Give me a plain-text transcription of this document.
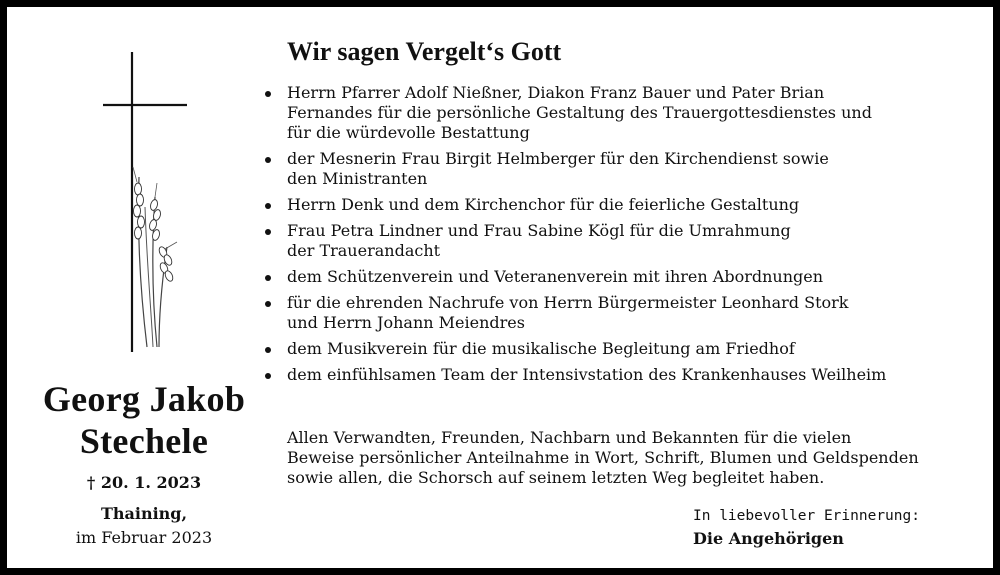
Georg Jakob
Stechele
† 20. 1. 2023
Thaining,
im Februar 2023
Wir sagen Vergelt‘s Gott
Herrn Pfarrer Adolf Nießner, Diakon Franz Bauer und Pater Brian
Fernandes für die persönliche Gestaltung des Trauergottesdienstes und
für die würdevolle Bestattung
der Mesnerin Frau Birgit Helmberger für den Kirchendienst sowie
den Ministranten
Herrn Denk und dem Kirchenchor für die feierliche Gestaltung
Frau Petra Lindner und Frau Sabine Kögl für die Umrahmung
der Trauerandacht
dem Schützenverein und Veteranenverein mit ihren Abordnungen
für die ehrenden Nachrufe von Herrn Bürgermeister Leonhard Stork
und Herrn Johann Meiendres
dem Musikverein für die musikalische Begleitung am Friedhof
dem einfühlsamen Team der Intensivstation des Krankenhauses Weilheim

Allen Verwandten, Freunden, Nachbarn und Bekannten für die vielen
Beweise persönlicher Anteilnahme in Wort, Schrift, Blumen und Geldspenden
sowie allen, die Schorsch auf seinem letzten Weg begleitet haben.

In liebevoller Erinnerung:
Die Angehörigen
